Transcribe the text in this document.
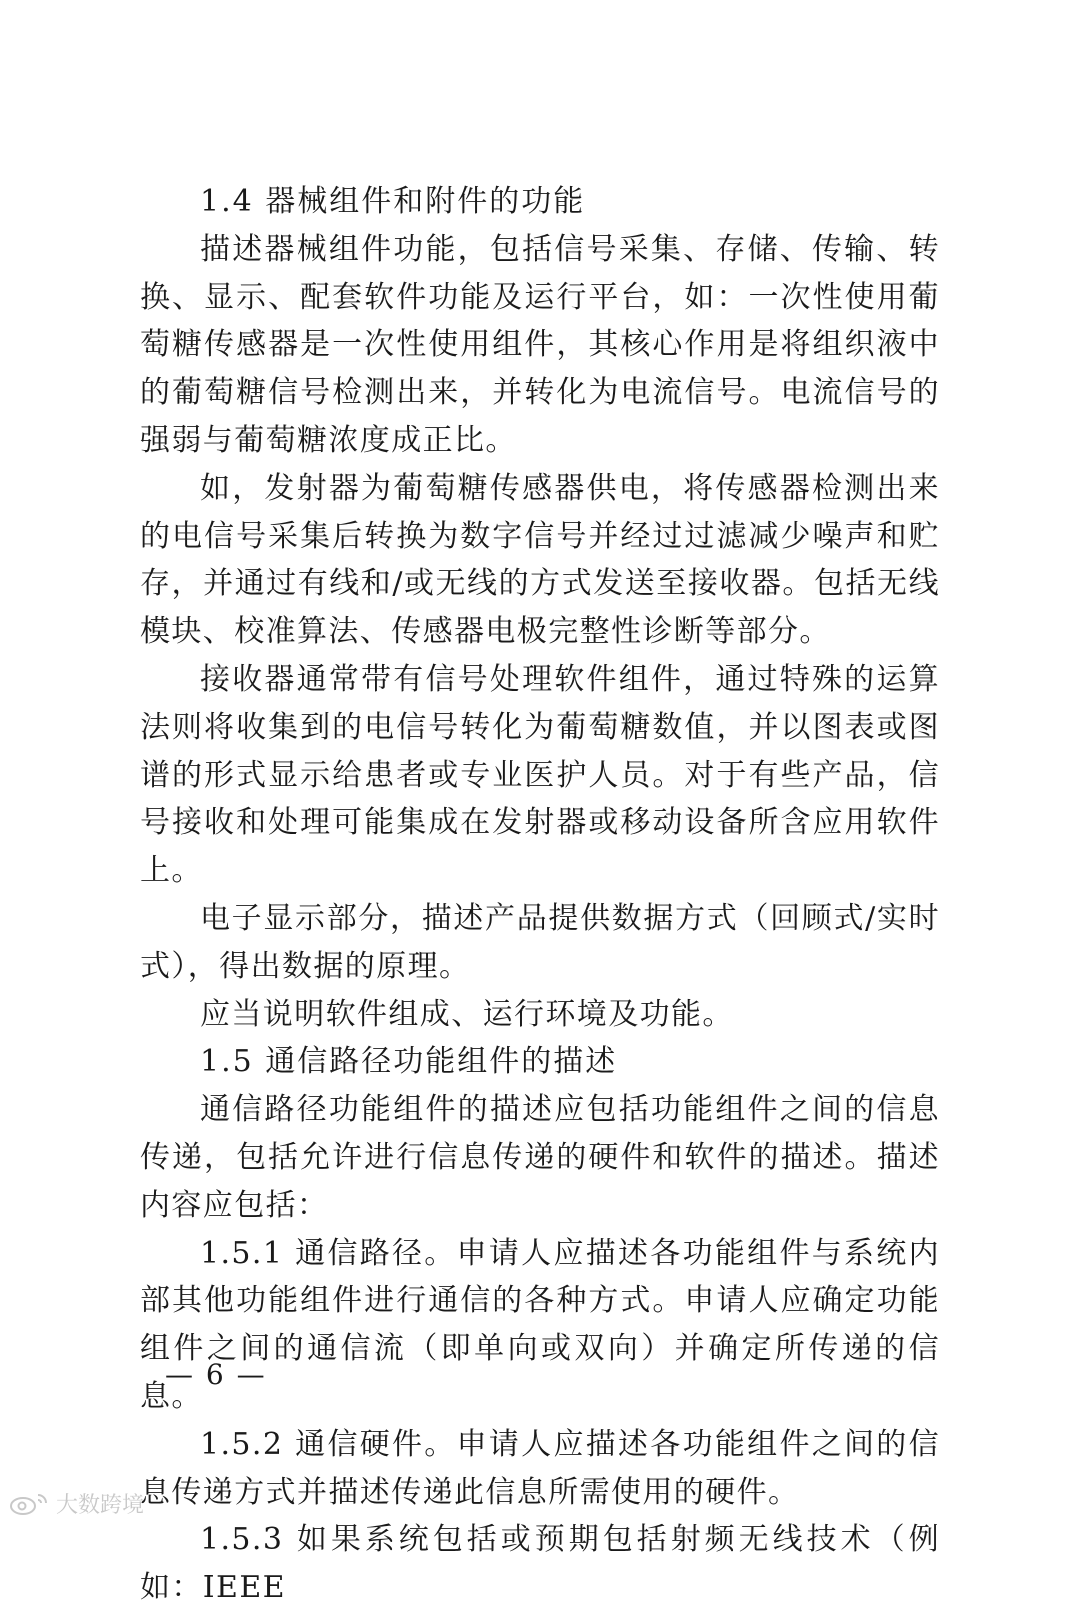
1.4 器械组件和附件的功能

描述器械组件功能，包括信号采集、存储、传输、转换、显示、配套软件功能及运行平台，如：一次性使用葡萄糖传感器是一次性使用组件，其核心作用是将组织液中的葡萄糖信号检测出来，并转化为电流信号。电流信号的强弱与葡萄糖浓度成正比。

如，发射器为葡萄糖传感器供电，将传感器检测出来的电信号采集后转换为数字信号并经过过滤减少噪声和贮存，并通过有线和/或无线的方式发送至接收器。包括无线模块、校准算法、传感器电极完整性诊断等部分。

接收器通常带有信号处理软件组件，通过特殊的运算法则将收集到的电信号转化为葡萄糖数值，并以图表或图谱的形式显示给患者或专业医护人员。对于有些产品，信号接收和处理可能集成在发射器或移动设备所含应用软件上。

电子显示部分，描述产品提供数据方式（回顾式/实时式），得出数据的原理。

应当说明软件组成、运行环境及功能。

1.5 通信路径功能组件的描述

通信路径功能组件的描述应包括功能组件之间的信息传递，包括允许进行信息传递的硬件和软件的描述。描述内容应包括：

1.5.1 通信路径。申请人应描述各功能组件与系统内部其他功能组件进行通信的各种方式。申请人应确定功能组件之间的通信流（即单向或双向）并确定所传递的信息。

1.5.2 通信硬件。申请人应描述各功能组件之间的信息传递方式并描述传递此信息所需使用的硬件。

1.5.3 如果系统包括或预期包括射频无线技术（例如：IEEE

— 6 —
大数跨境
